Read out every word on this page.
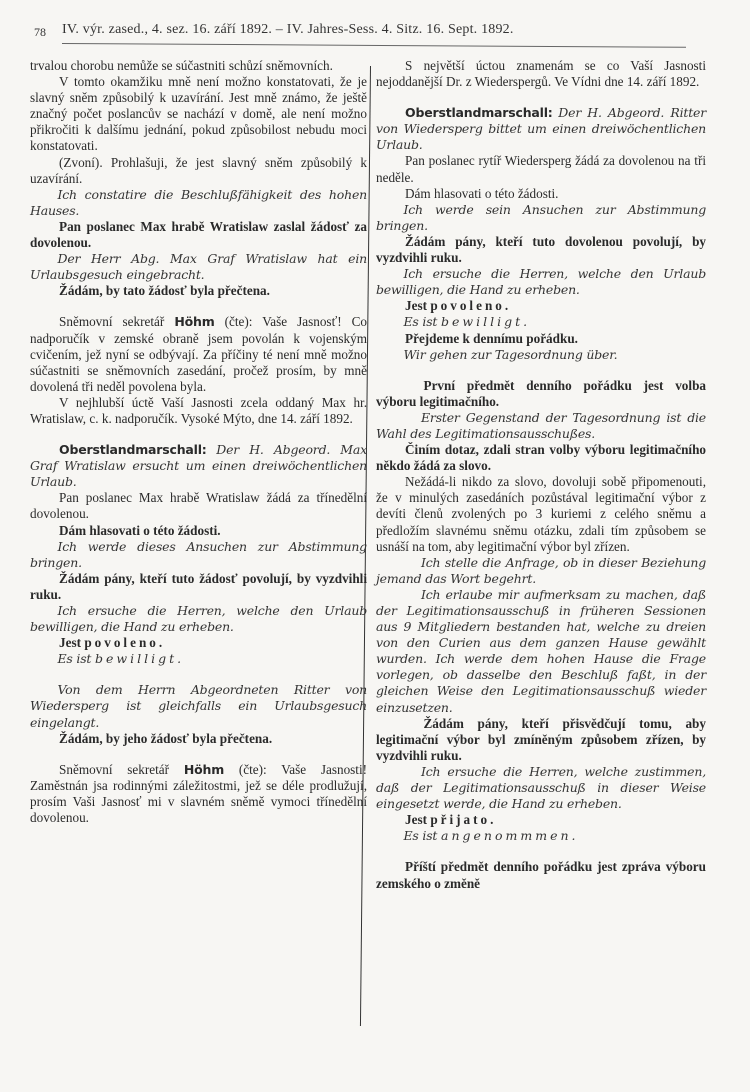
78 IV. výr. zased., 4. sez. 16. září 1892. – IV. Jahres-Sess. 4. Sitz. 16. Sept. 1892.

trvalou chorobu nemůže se súčastniti schůzí sněmovních.

V tomto okamžiku mně není možno konstatovati, že je slavný sněm způsobilý k uzavírání. Jest mně známo, že ještě značný počet poslancův se nachází v domě, ale není možno přikročiti k dalšímu jednání, pokud způsobilost nebudu moci konstatovati.

(Zvoní). Prohlašuji, že jest slavný sněm způsobilý k uzavírání.

Ich constatire die Beschlußfähigkeit des hohen Hauses.

Pan poslanec Max hrabě Wratislaw zaslal žádosť za dovolenou.

Der Herr Abg. Max Graf Wratislaw hat ein Urlaubsgesuch eingebracht.

Žádám, by tato žádosť byla přečtena.

Sněmovní sekretář Höhm (čte): Vaše Jasnosť! Co nadporučík v zemské obraně jsem povolán k vojenským cvičením, jež nyní se odbývají. Za příčiny té není mně možno súčastniti se sněmovních zasedání, pročež prosím, by mně dovolená tři neděl povolena byla.

V nejhlubší úctě Vaší Jasnosti zcela oddaný Max hr. Wratislaw, c. k. nadporučík. Vysoké Mýto, dne 14. září 1892.

Oberstlandmarschall: Der H. Abgeord. Max Graf Wratislaw ersucht um einen dreiwöchentlichen Urlaub.

Pan poslanec Max hrabě Wratislaw žádá za třínedělní dovolenou.

Dám hlasovati o této žádosti.

Ich werde dieses Ansuchen zur Abstimmung bringen.

Žádám pány, kteří tuto žádosť povolují, by vyzdvihli ruku.

Ich ersuche die Herren, welche den Urlaub bewilligen, die Hand zu erheben.

Jest povoleno.

Es ist bewilligt.

Von dem Herrn Abgeordneten Ritter von Wiedersperg ist gleichfalls ein Urlaubsgesuch eingelangt.

Žádám, by jeho žádosť byla přečtena.

Sněmovní sekretář Höhm (čte): Vaše Jasnosti! Zaměstnán jsa rodinnými záležitostmi, jež se déle prodlužují, prosím Vaši Jasnosť mi v slavném sněmě vymoci třínedělní dovolenou.

S největší úctou znamenám se co Vaší Jasnosti nejoddanější Dr. z Wiederspergů. Ve Vídni dne 14. září 1892.

Oberstlandmarschall: Der H. Abgeord. Ritter von Wiedersperg bittet um einen dreiwöchentlichen Urlaub.

Pan poslanec rytíř Wiedersperg žádá za dovolenou na tři neděle.

Dám hlasovati o této žádosti.

Ich werde sein Ansuchen zur Abstimmung bringen.

Žádám pány, kteří tuto dovolenou povolují, by vyzdvihli ruku.

Ich ersuche die Herren, welche den Urlaub bewilligen, die Hand zu erheben.

Jest povoleno.

Es ist bewilligt.

Přejdeme k dennímu pořádku.

Wir gehen zur Tagesordnung über.

První předmět denního pořádku jest volba výboru legitimačního.

Erster Gegenstand der Tagesordnung ist die Wahl des Legitimationsausschußes.

Činím dotaz, zdali stran volby výboru legitimačního někdo žádá za slovo.

Nežádá-li nikdo za slovo, dovoluji sobě připomenouti, že v minulých zasedáních pozůstával legitimační výbor z devíti členů zvolených po 3 kuriemi z celého sněmu a předložím slavnému sněmu otázku, zdali tím způsobem se usnáší na tom, aby legitimační výbor byl zřízen.

Ich stelle die Anfrage, ob in dieser Beziehung jemand das Wort begehrt.

Ich erlaube mir aufmerksam zu machen, daß der Legitimationsausschuß in früheren Sessionen aus 9 Mitgliedern bestanden hat, welche zu dreien von den Curien aus dem ganzen Hause gewählt wurden. Ich werde dem hohen Hause die Frage vorlegen, ob dasselbe den Beschluß faßt, in der gleichen Weise den Legitimationsausschuß wieder einzusetzen.

Žádám pány, kteří přisvědčují tomu, aby legitimační výbor byl zmíněným způsobem zřízen, by vyzdvihli ruku.

Ich ersuche die Herren, welche zustimmen, daß der Legitimationsausschuß in dieser Weise eingesetzt werde, die Hand zu erheben.

Jest přijato.

Es ist angenommmen.

Příští předmět denního pořádku jest zpráva výboru zemského o změně
